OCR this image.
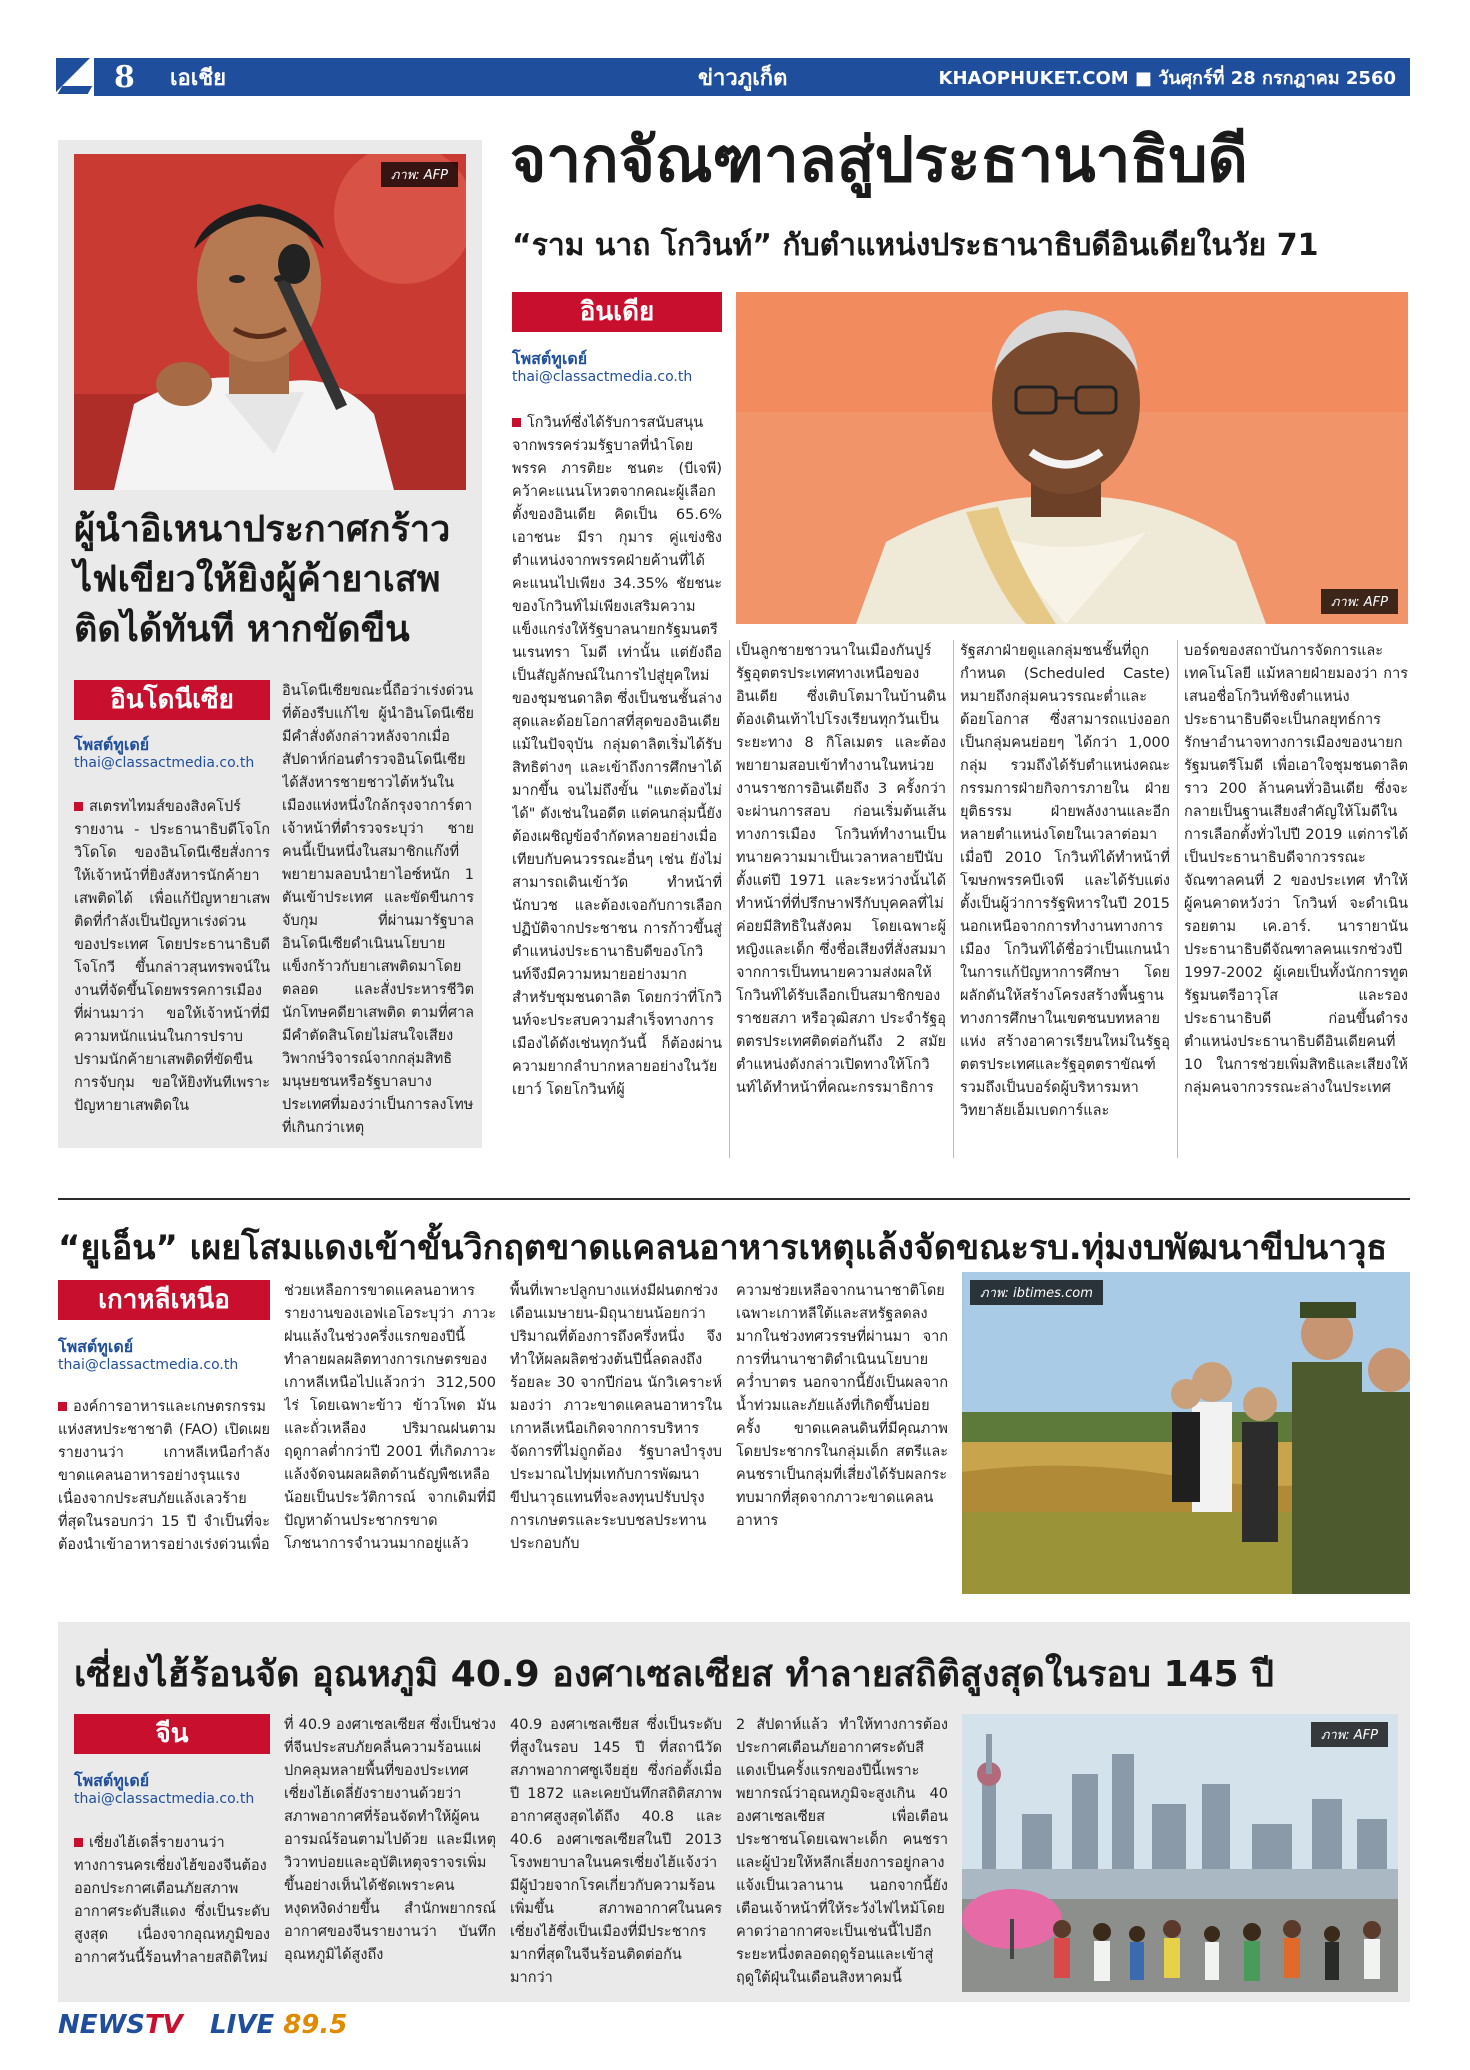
8 เอเชีย	ข่าวภูเก็ต	KHAOPHUKET.COM ■ วันศุกร์ที่ 28 กรกฎาคม 2560
ภาพ: AFP
ผู้นำอิเหนาประกาศกร้าว ไฟเขียวให้ยิงผู้ค้ายาเสพ ติดได้ทันที หากขัดขืน
อินโดนีเซีย
โพสต์ทูเดย์
thai@classactmedia.co.th
สเตรทไทมส์ของสิงคโปร์รายงาน - ประธานาธิบดีโจโก วิโดโด ของอินโดนีเซียสั่งการให้เจ้าหน้าที่ยิงสังหารนักค้ายาเสพติดได้ เพื่อแก้ปัญหายาเสพติดที่กำลังเป็นปัญหาเร่งด่วนของประเทศ โดยประธานาธิบดีโจโกวี ขึ้นกล่าวสุนทรพจน์ในงานที่จัดขึ้นโดยพรรคการเมืองที่ผ่านมาว่า ขอให้เจ้าหน้าที่มีความหนักแน่นในการปราบปรามนักค้ายาเสพติดที่ขัดขืนการจับกุม ขอให้ยิงทันทีเพราะปัญหายาเสพติดใน
อินโดนีเซียขณะนี้ถือว่าเร่งด่วนที่ต้องรีบแก้ไข ผู้นำอินโดนีเซียมีคำสั่งดังกล่าวหลังจากเมื่อสัปดาห์ก่อนตำรวจอินโดนีเซียได้สังหารชายชาวไต้หวันในเมืองแห่งหนึ่งใกล้กรุงจาการ์ตา เจ้าหน้าที่ตำรวจระบุว่า ชายคนนี้เป็นหนึ่งในสมาชิกแก๊งที่พยายามลอบนำยาไอซ์หนัก 1 ตันเข้าประเทศ และขัดขืนการจับกุม ที่ผ่านมารัฐบาลอินโดนีเซียดำเนินนโยบายแข็งกร้าวกับยาเสพติดมาโดยตลอด และสั่งประหารชีวิตนักโทษคดียาเสพติด ตามที่ศาลมีคำตัดสินโดยไม่สนใจเสียงวิพากษ์วิจารณ์จากกลุ่มสิทธิมนุษยชนหรือรัฐบาลบางประเทศที่มองว่าเป็นการลงโทษที่เกินกว่าเหตุ
จากจัณฑาลสู่ประธานาธิบดี
“ราม นาถ โกวินท์” กับตำแหน่งประธานาธิบดีอินเดียในวัย 71
อินเดีย
โพสต์ทูเดย์
thai@classactmedia.co.th
ภาพ: AFP
โกวินท์ซึ่งได้รับการสนับสนุนจากพรรคร่วมรัฐบาลที่นำโดยพรรค ภารติยะ ชนตะ (บีเจพี) คว้าคะแนนโหวตจากคณะผู้เลือกตั้งของอินเดีย คิดเป็น 65.6% เอาชนะ มีรา กุมาร คู่แข่งชิงตำแหน่งจากพรรคฝ่ายค้านที่ได้คะแนนไปเพียง 34.35% ชัยชนะของโกวินท์ไม่เพียงเสริมความแข็งแกร่งให้รัฐบาลนายกรัฐมนตรี นเรนทรา โมดี เท่านั้น แต่ยังถือเป็นสัญลักษณ์ในการไปสู่ยุคใหม่ของชุมชนดาลิต ซึ่งเป็นชนชั้นล่างสุดและด้อยโอกาสที่สุดของอินเดีย แม้ในปัจจุบัน กลุ่มดาลิตเริ่มได้รับสิทธิต่างๆ และเข้าถึงการศึกษาได้มากขึ้น จนไม่ถึงขั้น "แตะต้องไม่ได้" ดังเช่นในอดีต แต่คนกลุ่มนี้ยังต้องเผชิญข้อจำกัดหลายอย่างเมื่อเทียบกับคนวรรณะอื่นๆ เช่น ยังไม่สามารถเดินเข้าวัด ทำหน้าที่นักบวช และต้องเจอกับการเลือกปฏิบัติจากประชาชน การก้าวขึ้นสู่ตำแหน่งประธานาธิบดีของโกวินท์จึงมีความหมายอย่างมากสำหรับชุมชนดาลิต โดยกว่าที่โกวินท์จะประสบความสำเร็จทางการเมืองได้ดังเช่นทุกวันนี้ ก็ต้องผ่านความยากลำบากหลายอย่างในวัยเยาว์ โดยโกวินท์ผู้
เป็นลูกชายชาวนาในเมืองกันปูร์ รัฐอุตตรประเทศทางเหนือของอินเดีย ซึ่งเติบโตมาในบ้านดินต้องเดินเท้าไปโรงเรียนทุกวันเป็นระยะทาง 8 กิโลเมตร และต้องพยายามสอบเข้าทำงานในหน่วยงานราชการอินเดียถึง 3 ครั้งกว่าจะผ่านการสอบ ก่อนเริ่มต้นเส้นทางการเมือง โกวินท์ทำงานเป็นทนายความมาเป็นเวลาหลายปีนับตั้งแต่ปี 1971 และระหว่างนั้นได้ทำหน้าที่ที่ปรึกษาฟรีกับบุคคลที่ไม่ค่อยมีสิทธิในสังคม โดยเฉพาะผู้หญิงและเด็ก ซึ่งชื่อเสียงที่สั่งสมมาจากการเป็นทนายความส่งผลให้โกวินท์ได้รับเลือกเป็นสมาชิกของราชยสภา หรือวุฒิสภา ประจำรัฐอุตตรประเทศติดต่อกันถึง 2 สมัย ตำแหน่งดังกล่าวเปิดทางให้โกวินท์ได้ทำหน้าที่คณะกรรมาธิการ
รัฐสภาฝ่ายดูแลกลุ่มชนชั้นที่ถูกกำหนด (Scheduled Caste) หมายถึงกลุ่มคนวรรณะต่ำและด้อยโอกาส ซึ่งสามารถแบ่งออกเป็นกลุ่มคนย่อยๆ ได้กว่า 1,000 กลุ่ม รวมถึงได้รับตำแหน่งคณะกรรมการฝ่ายกิจการภายใน ฝ่ายยุติธรรม ฝ่ายพลังงานและอีกหลายตำแหน่งโดยในเวลาต่อมาเมื่อปี 2010 โกวินท์ได้ทำหน้าที่โฆษกพรรคบีเจพี และได้รับแต่งตั้งเป็นผู้ว่าการรัฐพิหารในปี 2015 นอกเหนือจากการทำงานทางการเมือง โกวินท์ได้ชื่อว่าเป็นแกนนำในการแก้ปัญหาการศึกษา โดยผลักดันให้สร้างโครงสร้างพื้นฐานทางการศึกษาในเขตชนบทหลายแห่ง สร้างอาคารเรียนใหม่ในรัฐอุตตรประเทศและรัฐอุตตราขัณฑ์ รวมถึงเป็นบอร์ดผู้บริหารมหาวิทยาลัยเอ็มเบดการ์และ
บอร์ดของสถาบันการจัดการและเทคโนโลยี แม้หลายฝ่ายมองว่า การเสนอชื่อโกวินท์ชิงตำแหน่งประธานาธิบดีจะเป็นกลยุทธ์การรักษาอำนาจทางการเมืองของนายกรัฐมนตรีโมดี เพื่อเอาใจชุมชนดาลิตราว 200 ล้านคนทั่วอินเดีย ซึ่งจะกลายเป็นฐานเสียงสำคัญให้โมดีในการเลือกตั้งทั่วไปปี 2019 แต่การได้เป็นประธานาธิบดีจากวรรณะจัณฑาลคนที่ 2 ของประเทศ ทำให้ผู้คนคาดหวังว่า โกวินท์ จะดำเนินรอยตาม เค.อาร์. นารายานัน ประธานาธิบดีจัณฑาลคนแรกช่วงปี 1997-2002 ผู้เคยเป็นทั้งนักการทูต รัฐมนตรีอาวุโส และรองประธานาธิบดี ก่อนขึ้นดำรงตำแหน่งประธานาธิบดีอินเดียคนที่ 10 ในการช่วยเพิ่มสิทธิและเสียงให้กลุ่มคนจากวรรณะล่างในประเทศ
“ยูเอ็น” เผยโสมแดงเข้าขั้นวิกฤตขาดแคลนอาหารเหตุแล้งจัดขณะรบ.ทุ่มงบพัฒนาขีปนาวุธ
เกาหลีเหนือ
โพสต์ทูเดย์
thai@classactmedia.co.th
องค์การอาหารและเกษตรกรรมแห่งสหประชาชาติ (FAO) เปิดเผยรายงานว่า เกาหลีเหนือกำลังขาดแคลนอาหารอย่างรุนแรงเนื่องจากประสบภัยแล้งเลวร้ายที่สุดในรอบกว่า 15 ปี จำเป็นที่จะต้องนำเข้าอาหารอย่างเร่งด่วนเพื่อ
ช่วยเหลือการขาดแคลนอาหาร รายงานของเอฟเอโอระบุว่า ภาวะฝนแล้งในช่วงครึ่งแรกของปีนี้ทำลายผลผลิตทางการเกษตรของเกาหลีเหนือไปแล้วกว่า 312,500 ไร่ โดยเฉพาะข้าว ข้าวโพด มันและถั่วเหลือง ปริมาณฝนตามฤดูกาลต่ำกว่าปี 2001 ที่เกิดภาวะแล้งจัดจนผลผลิตด้านธัญพืชเหลือน้อยเป็นประวัติการณ์ จากเดิมที่มีปัญหาด้านประชากรขาดโภชนาการจำนวนมากอยู่แล้ว
พื้นที่เพาะปลูกบางแห่งมีฝนตกช่วงเดือนเมษายน-มิถุนายนน้อยกว่าปริมาณที่ต้องการถึงครึ่งหนึ่ง จึงทำให้ผลผลิตช่วงต้นปีนี้ลดลงถึงร้อยละ 30 จากปีก่อน นักวิเคราะห์มองว่า ภาวะขาดแคลนอาหารในเกาหลีเหนือเกิดจากการบริหารจัดการที่ไม่ถูกต้อง รัฐบาลบำรุงบประมาณไปทุ่มเทกับการพัฒนาขีปนาวุธแทนที่จะลงทุนปรับปรุงการเกษตรและระบบชลประทาน ประกอบกับ
ความช่วยเหลือจากนานาชาติโดยเฉพาะเกาหลีใต้และสหรัฐลดลงมากในช่วงทศวรรษที่ผ่านมา จากการที่นานาชาติดำเนินนโยบายคว่ำบาตร นอกจากนี้ยังเป็นผลจากน้ำท่วมและภัยแล้งที่เกิดขึ้นบ่อยครั้ง ขาดแคลนดินที่มีคุณภาพ โดยประชากรในกลุ่มเด็ก สตรีและคนชราเป็นกลุ่มที่เสี่ยงได้รับผลกระทบมากที่สุดจากภาวะขาดแคลนอาหาร
ภาพ: ibtimes.com
เซี่ยงไฮ้ร้อนจัด อุณหภูมิ 40.9 องศาเซลเซียส ทำลายสถิติสูงสุดในรอบ 145 ปี
จีน
โพสต์ทูเดย์
thai@classactmedia.co.th
เซี่ยงไฮ้เดลี่รายงานว่า ทางการนครเซี่ยงไฮ้ของจีนต้องออกประกาศเตือนภัยสภาพอากาศระดับสีแดง ซึ่งเป็นระดับสูงสุด เนื่องจากอุณหภูมิของอากาศวันนี้ร้อนทำลายสถิติใหม่
ที่ 40.9 องศาเซลเซียส ซึ่งเป็นช่วงที่จีนประสบภัยคลื่นความร้อนแผ่ปกคลุมหลายพื้นที่ของประเทศ เซี่ยงไฮ้เดลี่ยังรายงานด้วยว่า สภาพอากาศที่ร้อนจัดทำให้ผู้คนอารมณ์ร้อนตามไปด้วย และมีเหตุวิวาทบ่อยและอุบัติเหตุจราจรเพิ่มขึ้นอย่างเห็นได้ชัดเพราะคนหงุดหงิดง่ายขึ้น สำนักพยากรณ์อากาศของจีนรายงานว่า บันทึกอุณหภูมิได้สูงถึง
40.9 องศาเซลเซียส ซึ่งเป็นระดับที่สูงในรอบ 145 ปี ที่สถานีวัดสภาพอากาศซูเจียฮุ่ย ซึ่งก่อตั้งเมื่อปี 1872 และเคยบันทึกสถิติสภาพอากาศสูงสุดได้ถึง 40.8 และ 40.6 องศาเซลเซียสในปี 2013 โรงพยาบาลในนครเซี่ยงไฮ้แจ้งว่า มีผู้ป่วยจากโรคเกี่ยวกับความร้อนเพิ่มขึ้น สภาพอากาศในนครเซี่ยงไฮ้ซึ่งเป็นเมืองที่มีประชากรมากที่สุดในจีนร้อนติดต่อกันมากว่า
2 สัปดาห์แล้ว ทำให้ทางการต้องประกาศเตือนภัยอากาศระดับสีแดงเป็นครั้งแรกของปีนี้เพราะพยากรณ์ว่าอุณหภูมิจะสูงเกิน 40 องศาเซลเซียส เพื่อเตือนประชาชนโดยเฉพาะเด็ก คนชราและผู้ป่วยให้หลีกเลี่ยงการอยู่กลางแจ้งเป็นเวลานาน นอกจากนี้ยังเตือนเจ้าหน้าที่ให้ระวังไฟไหม้โดยคาดว่าอากาศจะเป็นเช่นนี้ไปอีกระยะหนึ่งตลอดฤดูร้อนและเข้าสู่ฤดูใต้ฝุ่นในเดือนสิงหาคมนี้
ภาพ: AFP
NEWSTV LIVE 89.5
